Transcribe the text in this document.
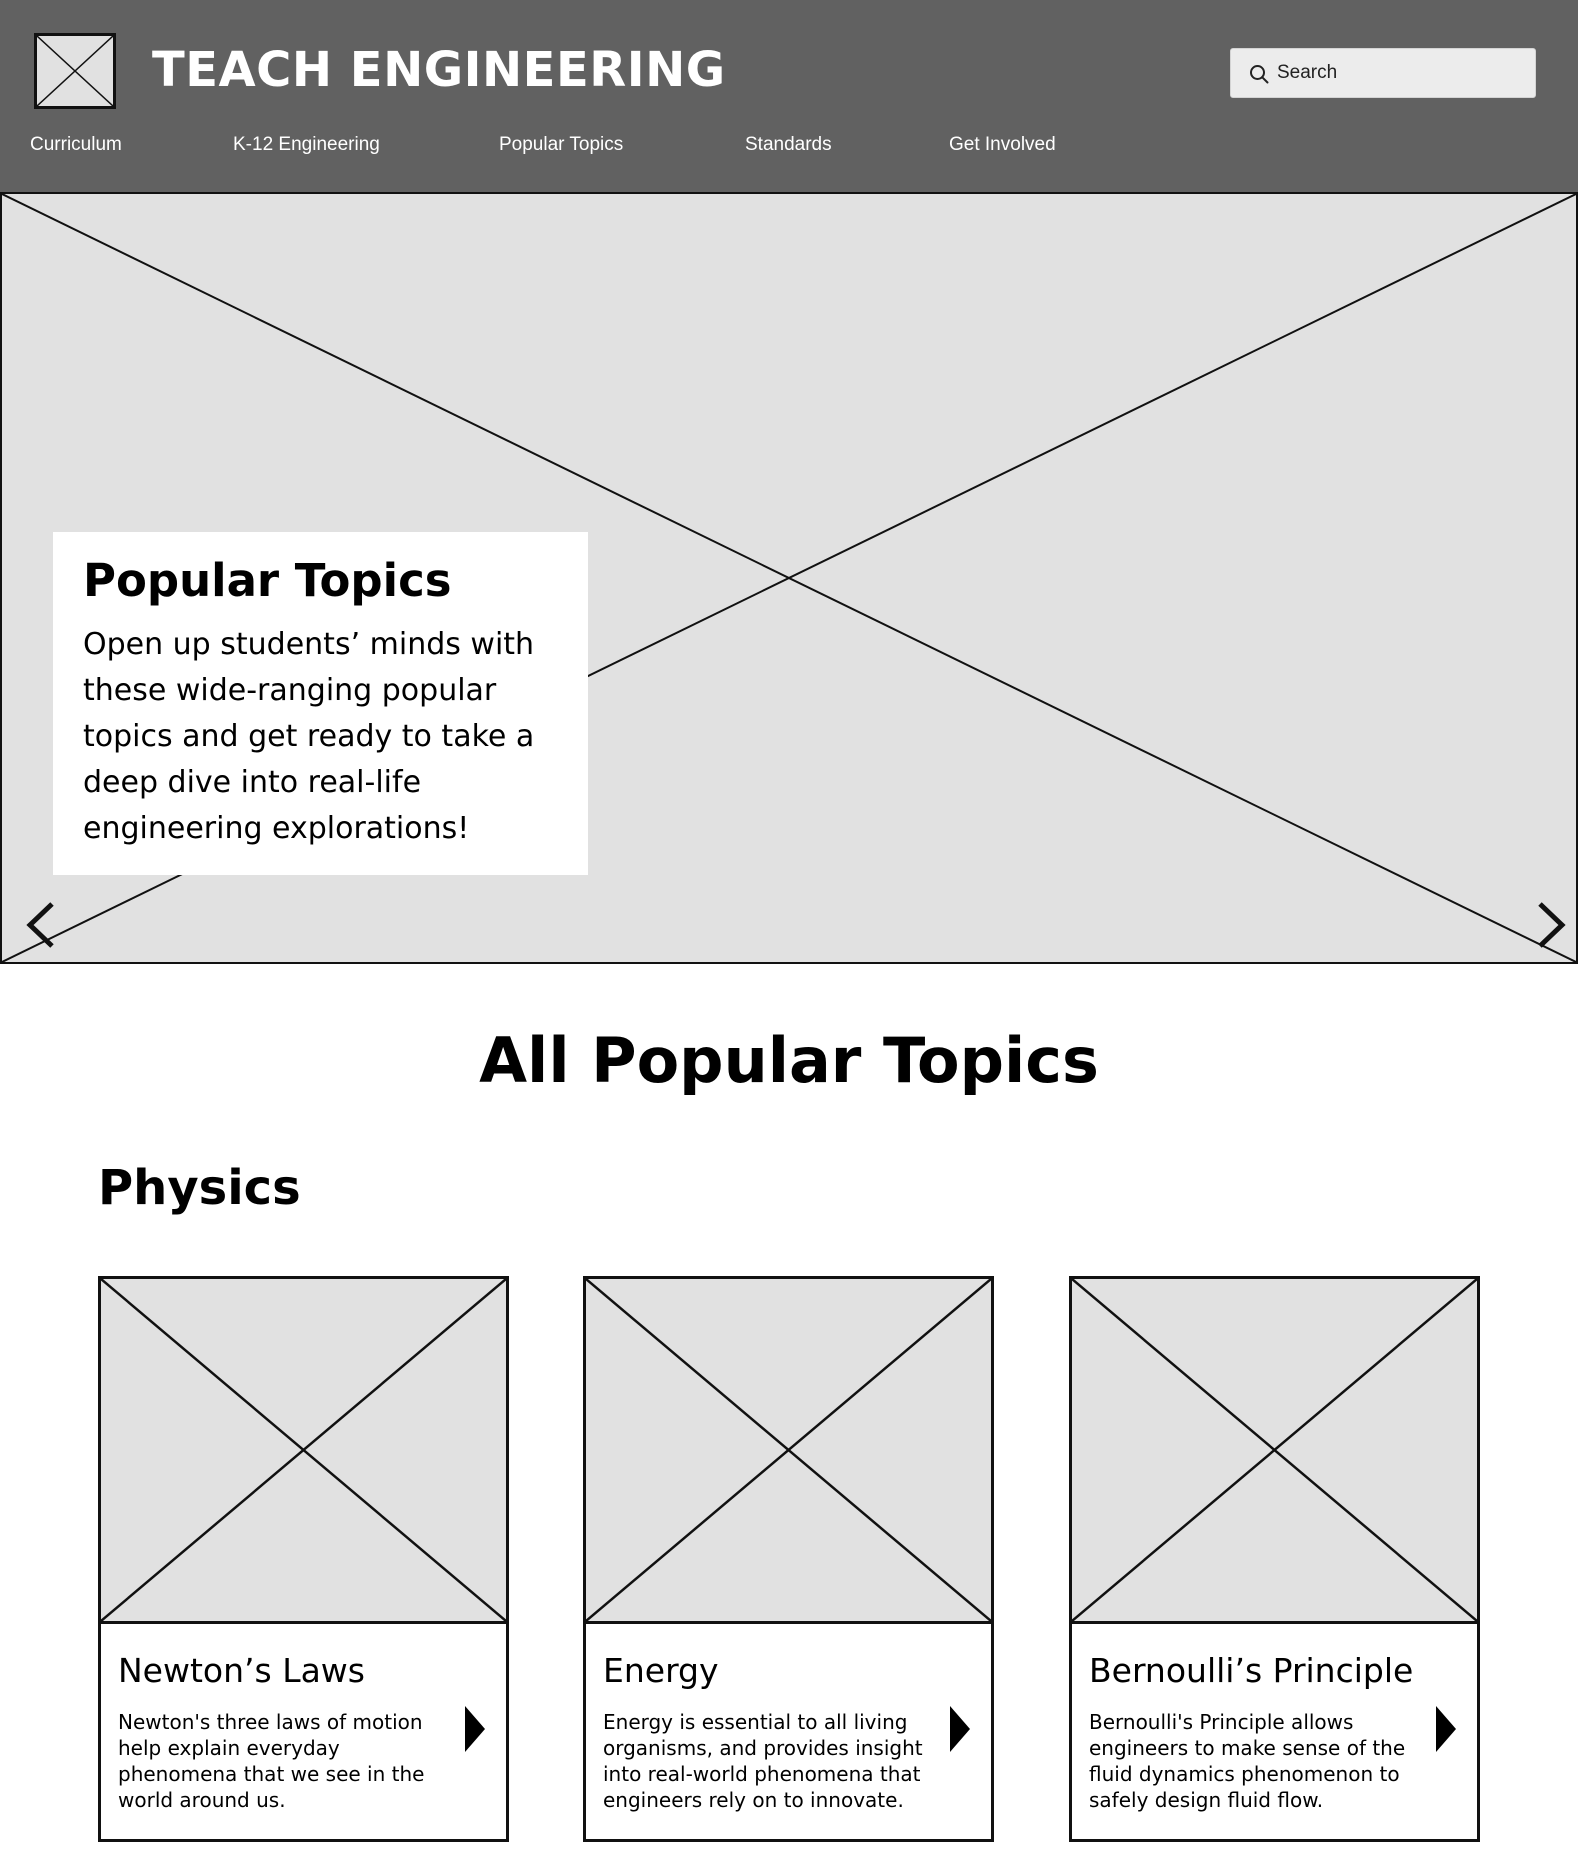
TEACH ENGINEERING
Search
Curriculum	K-12 Engineering	Popular Topics	Standards	Get Involved
Popular Topics

Open up students’ minds with these wide-ranging popular topics and get ready to take a deep dive into real-life engineering explorations!

All Popular Topics
Physics
Newton’s Laws
Newton's three laws of motion help explain everyday phenomena that we see in the world around us.
Energy
Energy is essential to all living organisms, and provides insight into real-world phenomena that engineers rely on to innovate.
Bernoulli’s Principle
Bernoulli's Principle allows engineers to make sense of the fluid dynamics phenomenon to safely design fluid flow.
